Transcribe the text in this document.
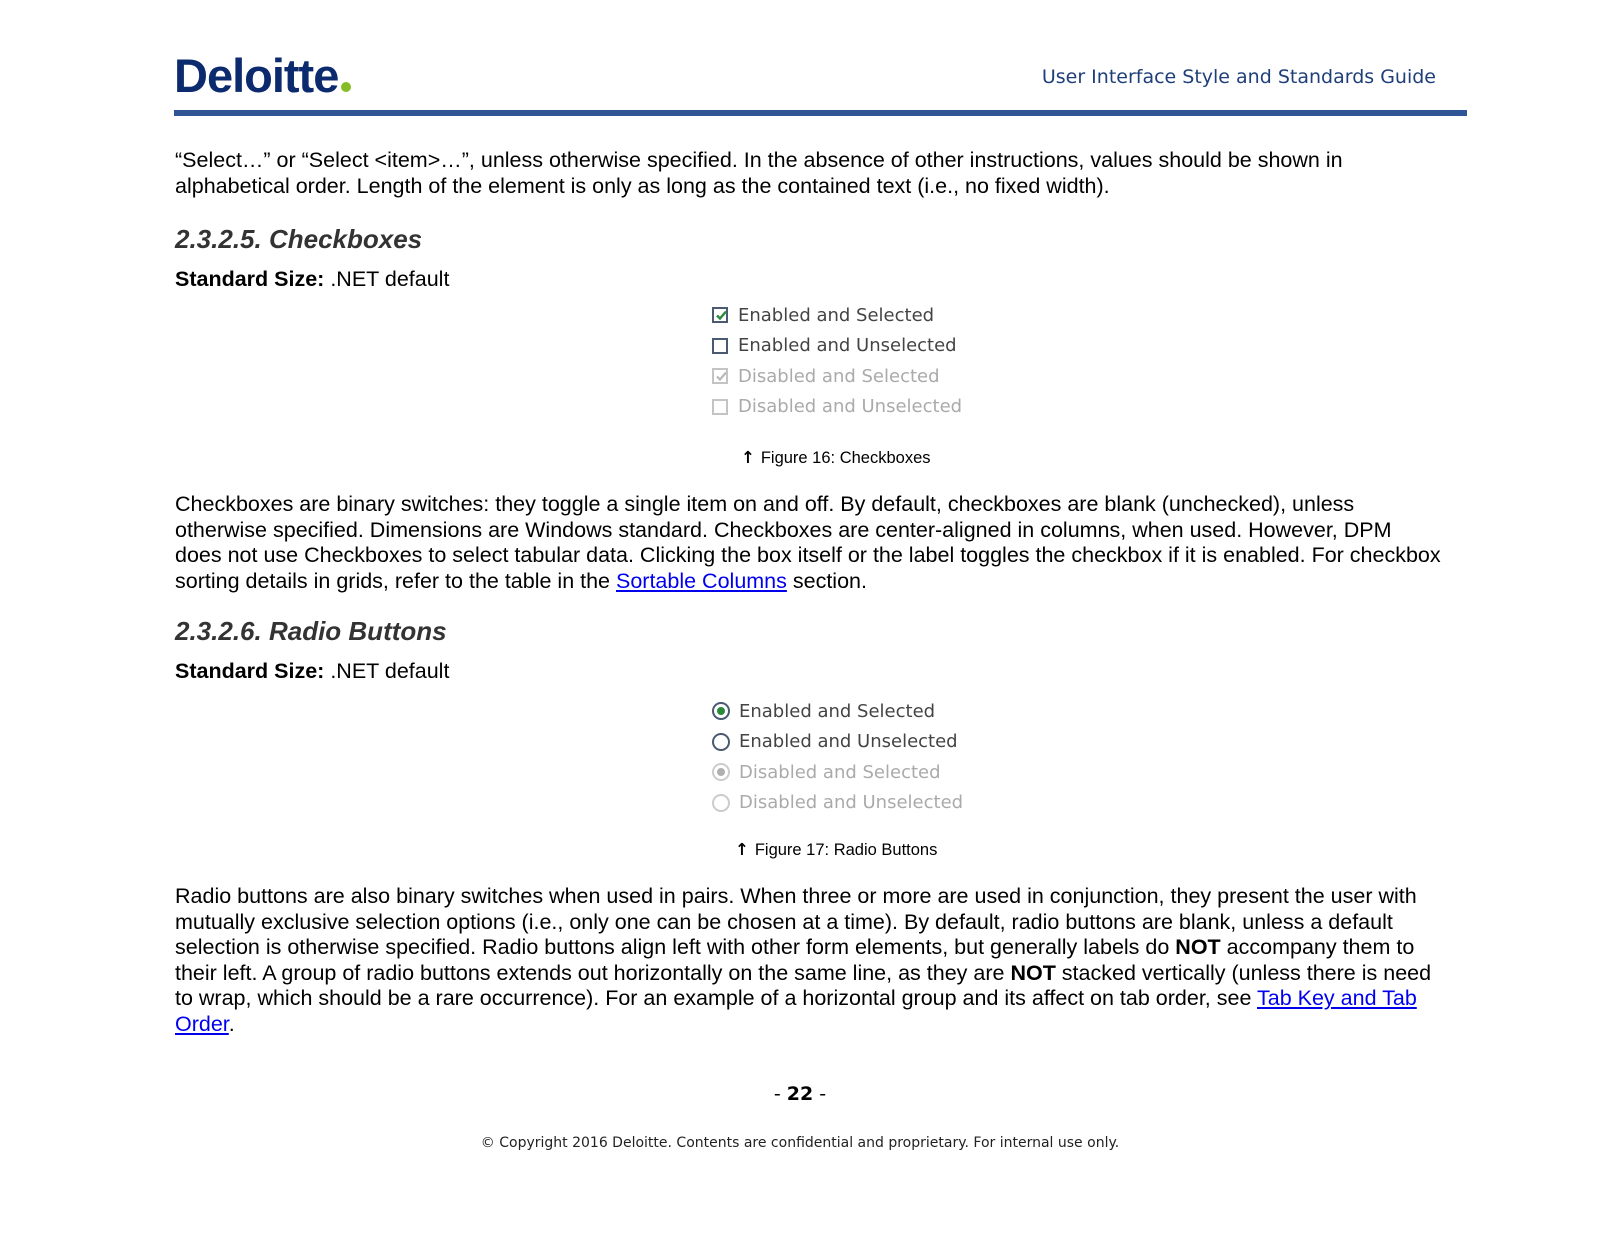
Deloitte	User Interface Style and Standards Guide
“Select…” or “Select <item>…”, unless otherwise specified. In the absence of other instructions, values should be shown in
alphabetical order. Length of the element is only as long as the contained text (i.e., no fixed width).
2.3.2.5. Checkboxes
Standard Size: .NET default
Enabled and Selected
Enabled and Unselected
Disabled and Selected
Disabled and Unselected
↑ Figure 16: Checkboxes
Checkboxes are binary switches: they toggle a single item on and off. By default, checkboxes are blank (unchecked), unless
otherwise specified. Dimensions are Windows standard. Checkboxes are center-aligned in columns, when used. However, DPM
does not use Checkboxes to select tabular data. Clicking the box itself or the label toggles the checkbox if it is enabled. For checkbox
sorting details in grids, refer to the table in the Sortable Columns section.
2.3.2.6. Radio Buttons
Standard Size: .NET default
Enabled and Selected
Enabled and Unselected
Disabled and Selected
Disabled and Unselected
↑ Figure 17: Radio Buttons
Radio buttons are also binary switches when used in pairs. When three or more are used in conjunction, they present the user with
mutually exclusive selection options (i.e., only one can be chosen at a time). By default, radio buttons are blank, unless a default
selection is otherwise specified. Radio buttons align left with other form elements, but generally labels do NOT accompany them to
their left. A group of radio buttons extends out horizontally on the same line, as they are NOT stacked vertically (unless there is need
to wrap, which should be a rare occurrence). For an example of a horizontal group and its affect on tab order, see Tab Key and Tab
Order.
- 22 -
© Copyright 2016 Deloitte. Contents are confidential and proprietary. For internal use only.
